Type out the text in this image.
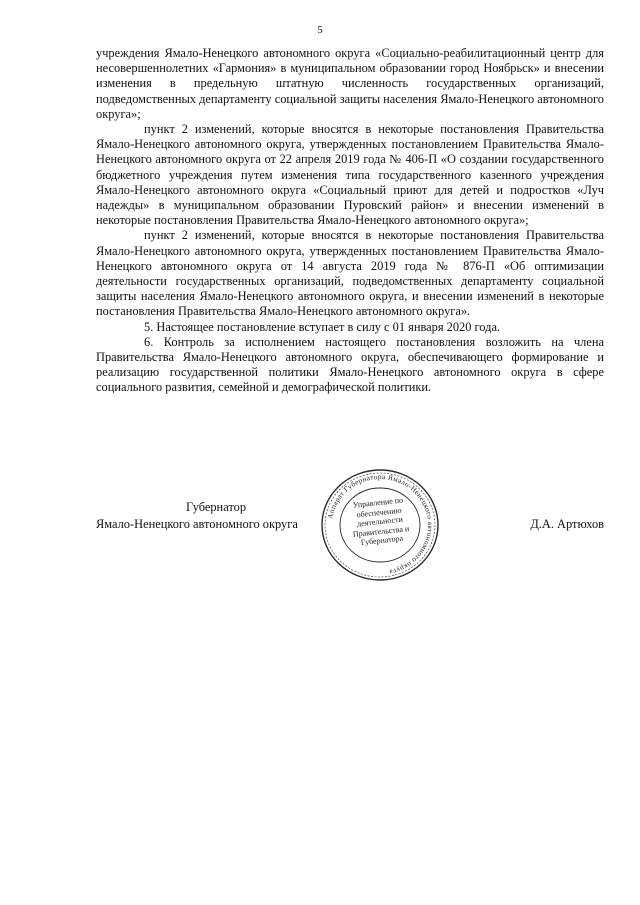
5

учреждения Ямало-Ненецкого автономного округа «Социально-реабилитационный центр для несовершеннолетних «Гармония» в муниципальном образовании город Ноябрьск» и внесении изменения в предельную штатную численность государственных организаций, подведомственных департаменту социальной защиты населения Ямало-Ненецкого автономного округа»;

пункт 2 изменений, которые вносятся в некоторые постановления Правительства Ямало-Ненецкого автономного округа, утвержденных постановлением Правительства Ямало-Ненецкого автономного округа от 22 апреля 2019 года № 406-П «О создании государственного бюджетного учреждения путем изменения типа государственного казенного учреждения Ямало-Ненецкого автономного округа «Социальный приют для детей и подростков «Луч надежды» в муниципальном образовании Пуровский район» и внесении изменений в некоторые постановления Правительства Ямало-Ненецкого автономного округа»;

пункт 2 изменений, которые вносятся в некоторые постановления Правительства Ямало-Ненецкого автономного округа, утвержденных постановлением Правительства Ямало-Ненецкого автономного округа от 14 августа 2019 года № 876-П «Об оптимизации деятельности государственных организаций, подведомственных департаменту социальной защиты населения Ямало-Ненецкого автономного округа, и внесении изменений в некоторые постановления Правительства Ямало-Ненецкого автономного округа».

5. Настоящее постановление вступает в силу с 01 января 2020 года.

6. Контроль за исполнением настоящего постановления возложить на члена Правительства Ямало-Ненецкого автономного округа, обеспечивающего формирование и реализацию государственной политики Ямало-Ненецкого автономного округа в сфере социального развития, семейной и демографической политики.

Губернатор
Ямало-Ненецкого автономного округа	Д.А. Артюхов
Аппарат Губернатора Ямало-Ненецкого автономного округа
Управление по обеспечению деятельности Правительства и Губернатора
